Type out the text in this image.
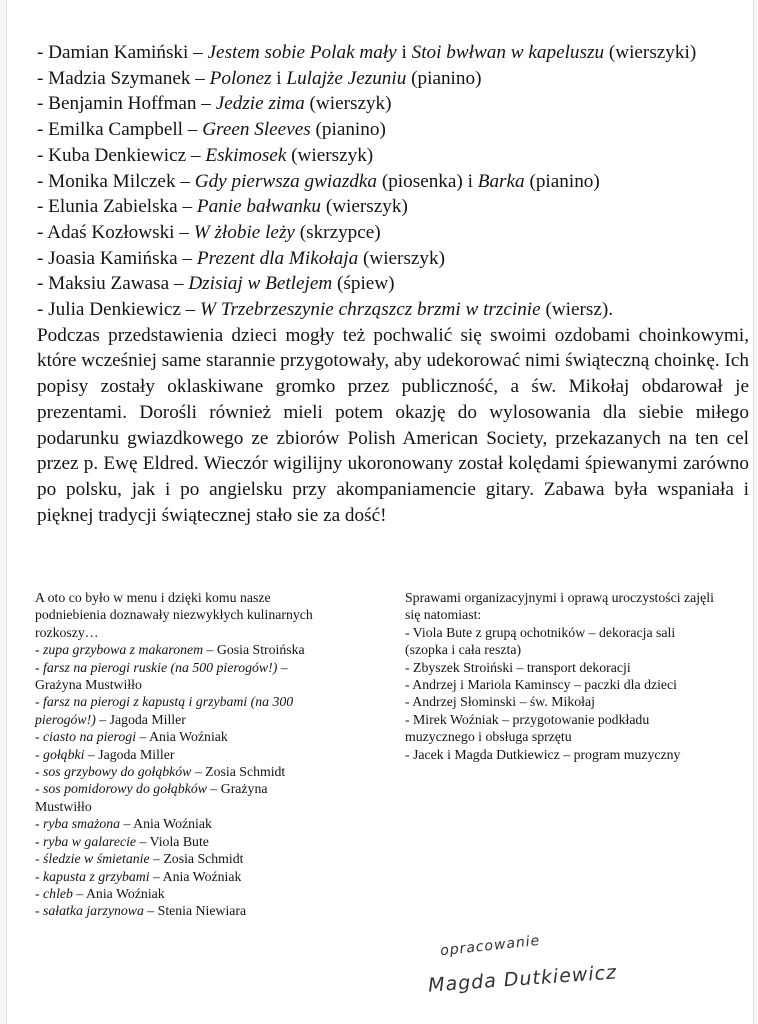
- Damian Kamiński – Jestem sobie Polak mały i Stoi bwłwan w kapeluszu (wierszyki)
- Madzia Szymanek – Polonez i Lulajże Jezuniu (pianino)
- Benjamin Hoffman – Jedzie zima (wierszyk)
- Emilka Campbell – Green Sleeves (pianino)
- Kuba Denkiewicz – Eskimosek (wierszyk)
- Monika Milczek – Gdy pierwsza gwiazdka (piosenka) i Barka (pianino)
- Elunia Zabielska – Panie bałwanku (wierszyk)
- Adaś Kozłowski – W żłobie leży (skrzypce)
- Joasia Kamińska – Prezent dla Mikołaja (wierszyk)
- Maksiu Zawasa – Dzisiaj w Betlejem (śpiew)
- Julia Denkiewicz – W Trzebrzeszynie chrząszcz brzmi w trzcinie (wiersz).
Podczas przedstawienia dzieci mogły też pochwalić się swoimi ozdobami choinkowymi, które wcześniej same starannie przygotowały, aby udekorować nimi świąteczną choinkę. Ich popisy zostały oklaskiwane gromko przez publiczność, a św. Mikołaj obdarował je prezentami. Dorośli również mieli potem okazję do wylosowania dla siebie miłego podarunku gwiazdkowego ze zbiorów Polish American Society, przekazanych na ten cel przez p. Ewę Eldred. Wieczór wigilijny ukoronowany został kolędami śpiewanymi zarówno po polsku, jak i po angielsku przy akompaniamencie gitary. Zabawa była wspaniała i pięknej tradycji świątecznej stało sie za dość!
A oto co było w menu i dzięki komu nasze
podniebienia doznawały niezwykłych kulinarnych
rozkoszy…
- zupa grzybowa z makaronem – Gosia Stroińska
- farsz na pierogi ruskie (na 500 pierogów!) –
Grażyna Mustwiłło
- farsz na pierogi z kapustą i grzybami (na 300
pierogów!) – Jagoda Miller
- ciasto na pierogi – Ania Woźniak
- gołąbki – Jagoda Miller
- sos grzybowy do gołąbków – Zosia Schmidt
- sos pomidorowy do gołąbków – Grażyna
Mustwiłło
- ryba smażona – Ania Woźniak
- ryba w galarecie – Viola Bute
- śledzie w śmietanie – Zosia Schmidt
- kapusta z grzybami – Ania Woźniak
- chleb – Ania Woźniak
- sałatka jarzynowa – Stenia Niewiara
Sprawami organizacyjnymi i oprawą uroczystości zajęli
się natomiast:
- Viola Bute z grupą ochotników – dekoracja sali
(szopka i cała reszta)
- Zbyszek Stroiński – transport dekoracji
- Andrzej i Mariola Kaminscy – paczki dla dzieci
- Andrzej Słominski – św. Mikołaj
- Mirek Woźniak – przygotowanie podkładu
muzycznego i obsługa sprzętu
- Jacek i Magda Dutkiewicz – program muzyczny
opracowanie
Magda Dutkiewicz
